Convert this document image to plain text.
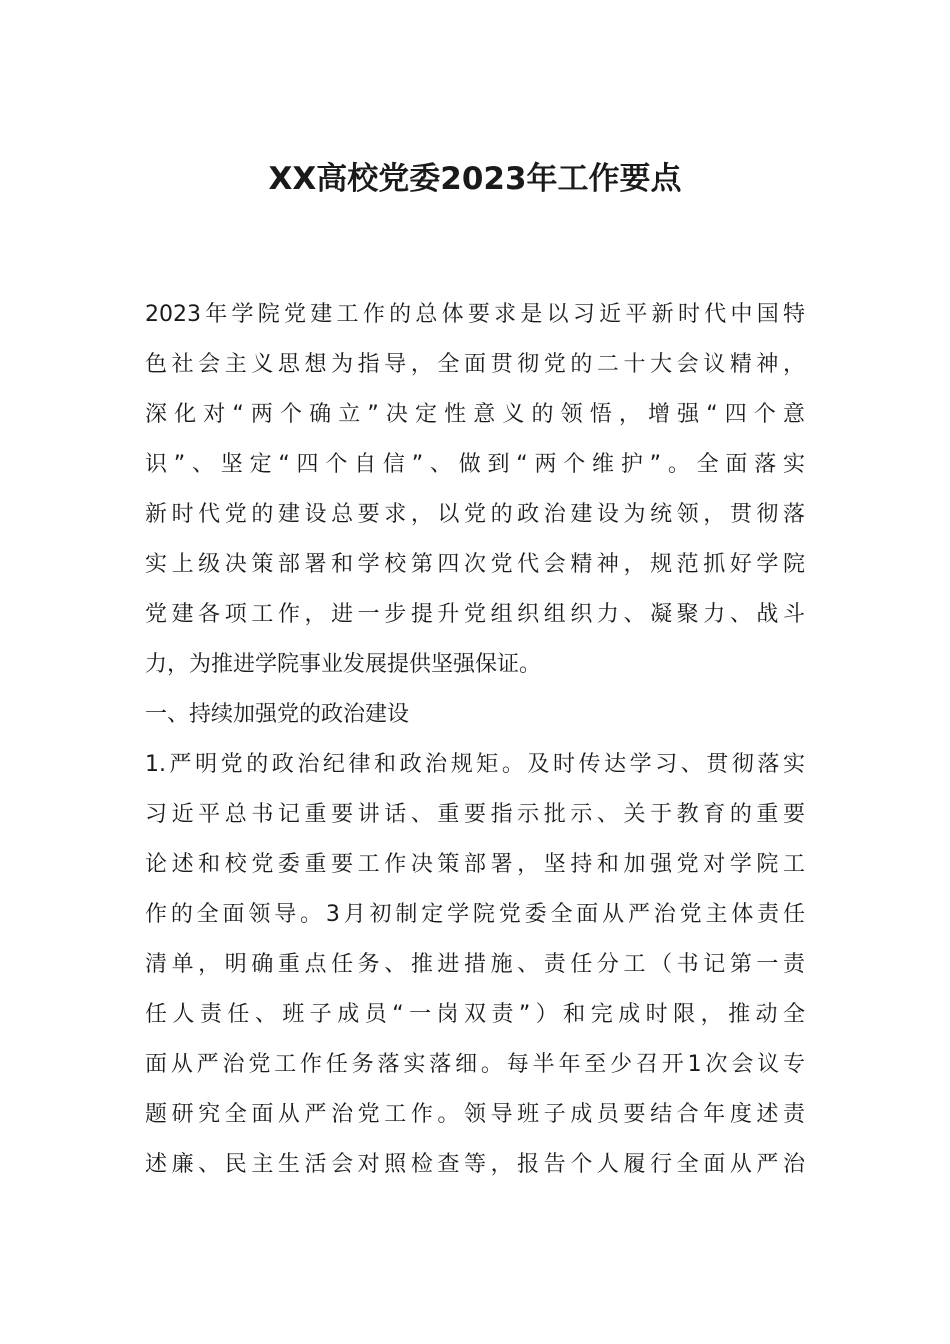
XX高校党委2023年工作要点
2023年学院党建工作的总体要求是以习近平新时代中国特
色社会主义思想为指导，全面贯彻党的二十大会议精神，
深化对“两个确立”决定性意义的领悟，增强“四个意
识”、坚定“四个自信”、做到“两个维护”。全面落实
新时代党的建设总要求，以党的政治建设为统领，贯彻落
实上级决策部署和学校第四次党代会精神，规范抓好学院
党建各项工作，进一步提升党组织组织力、凝聚力、战斗
力，为推进学院事业发展提供坚强保证。
一、持续加强党的政治建设
1.严明党的政治纪律和政治规矩。及时传达学习、贯彻落实
习近平总书记重要讲话、重要指示批示、关于教育的重要
论述和校党委重要工作决策部署，坚持和加强党对学院工
作的全面领导。3月初制定学院党委全面从严治党主体责任
清单，明确重点任务、推进措施、责任分工（书记第一责
任人责任、班子成员“一岗双责”）和完成时限，推动全
面从严治党工作任务落实落细。每半年至少召开1次会议专
题研究全面从严治党工作。领导班子成员要结合年度述责
述廉、民主生活会对照检查等，报告个人履行全面从严治
